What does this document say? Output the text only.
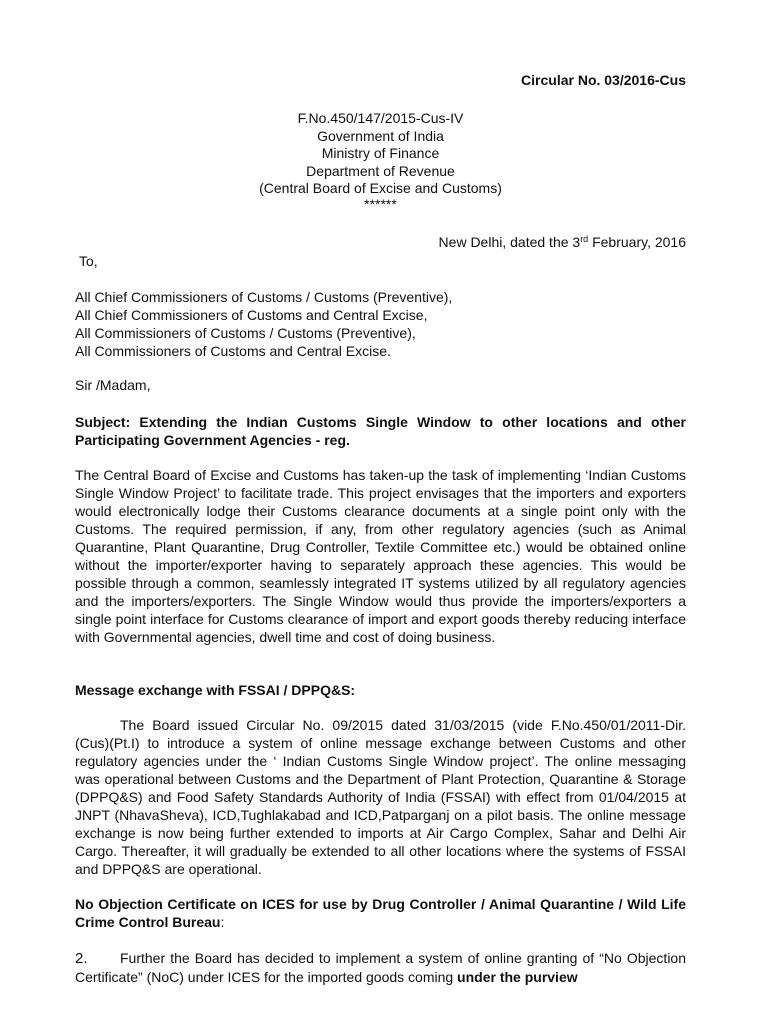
Circular No. 03/2016-Cus
F.No.450/147/2015-Cus-IV
Government of India
Ministry of Finance
Department of Revenue
(Central Board of Excise and Customs)
******
New Delhi, dated the 3rd February, 2016
To,
All Chief Commissioners of Customs / Customs (Preventive),
All Chief Commissioners of Customs and Central Excise,
All Commissioners of Customs / Customs (Preventive),
All Commissioners of Customs and Central Excise.
Sir /Madam,
Subject: Extending the Indian Customs Single Window to other locations and other Participating Government Agencies - reg.
The Central Board of Excise and Customs has taken-up the task of implementing ‘Indian Customs Single Window Project’ to facilitate trade. This project envisages that the importers and exporters would electronically lodge their Customs clearance documents at a single point only with the Customs. The required permission, if any, from other regulatory agencies (such as Animal Quarantine, Plant Quarantine, Drug Controller, Textile Committee etc.) would be obtained online without the importer/exporter having to separately approach these agencies. This would be possible through a common, seamlessly integrated IT systems utilized by all regulatory agencies and the importers/exporters. The Single Window would thus provide the importers/exporters a single point interface for Customs clearance of import and export goods thereby reducing interface with Governmental agencies, dwell time and cost of doing business.
Message exchange with FSSAI / DPPQ&S:
The Board issued Circular No. 09/2015 dated 31/03/2015 (vide F.No.450/01/2011-Dir. (Cus)(Pt.I) to introduce a system of online message exchange between Customs and other regulatory agencies under the ‘ Indian Customs Single Window project’. The online messaging was operational between Customs and the Department of Plant Protection, Quarantine & Storage (DPPQ&S) and Food Safety Standards Authority of India (FSSAI) with effect from 01/04/2015 at JNPT (NhavaSheva), ICD,Tughlakabad and ICD,Patparganj on a pilot basis. The online message exchange is now being further extended to imports at Air Cargo Complex, Sahar and Delhi Air Cargo. Thereafter, it will gradually be extended to all other locations where the systems of FSSAI and DPPQ&S are operational.
No Objection Certificate on ICES for use by Drug Controller / Animal Quarantine / Wild Life Crime Control Bureau:
2. Further the Board has decided to implement a system of online granting of “No Objection Certificate” (NoC) under ICES for the imported goods coming under the purview
